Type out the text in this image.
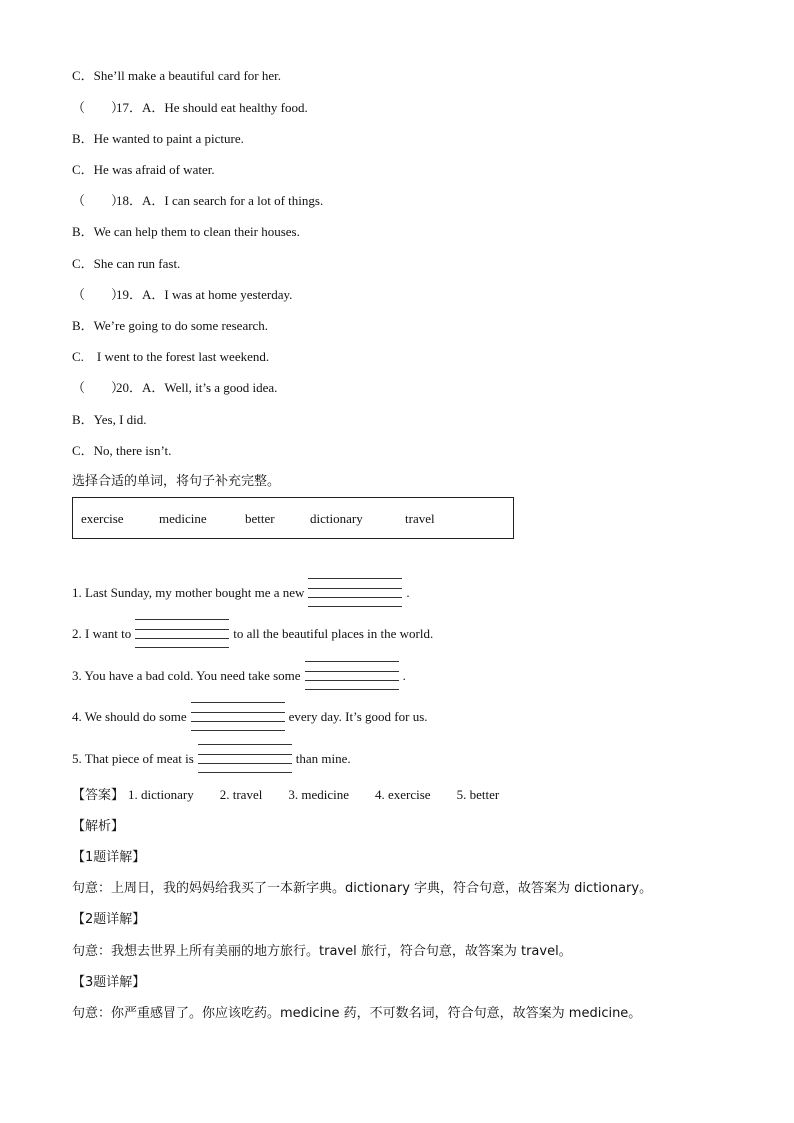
C．She’ll make a beautiful card for her.
（　　）17．A．He should eat healthy food.
B．He wanted to paint a picture.
C．He was afraid of water.
（　　）18．A．I can search for a lot of things.
B．We can help them to clean their houses.
C．She can run fast.
（　　）19．A．I was at home yesterday.
B．We’re going to do some research.
C.　I went to the forest last weekend.
（　　）20．A．Well, it’s a good idea.
B．Yes, I did.
C．No, there isn’t.
选择合适的单词，将句子补充完整。
exercise	medicine	better	dictionary	travel
1. Last Sunday, my mother bought me a new	.
2. I want to	to all the beautiful places in the world.
3. You have a bad cold. You need take some	.
4. We should do some	every day. It’s good for us.
5. That piece of meat is	than mine.
【答案】 1. dictionary 2. travel 3. medicine 4. exercise 5. better
【解析】
【1题详解】
句意：上周日，我的妈妈给我买了一本新字典。dictionary 字典，符合句意，故答案为 dictionary。
【2题详解】
句意：我想去世界上所有美丽的地方旅行。travel 旅行，符合句意，故答案为 travel。
【3题详解】
句意：你严重感冒了。你应该吃药。medicine 药，不可数名词，符合句意，故答案为 medicine。
